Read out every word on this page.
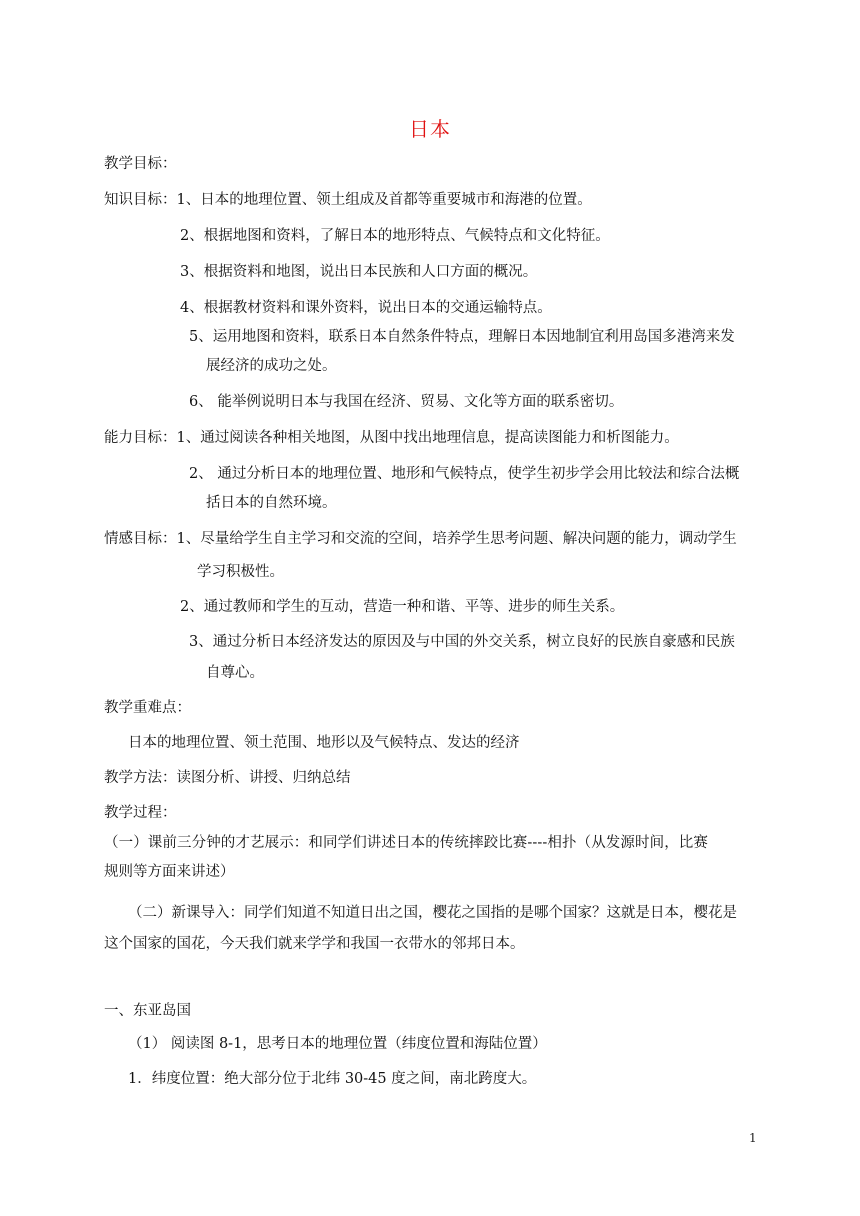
日本
教学目标：
知识目标：1、日本的地理位置、领土组成及首都等重要城市和海港的位置。
2、根据地图和资料，了解日本的地形特点、气候特点和文化特征。
3、根据资料和地图，说出日本民族和人口方面的概况。
4、根据教材资料和课外资料，说出日本的交通运输特点。
5、运用地图和资料，联系日本自然条件特点，理解日本因地制宜利用岛国多港湾来发
展经济的成功之处。
6、 能举例说明日本与我国在经济、贸易、文化等方面的联系密切。
能力目标：1、通过阅读各种相关地图，从图中找出地理信息，提高读图能力和析图能力。
2、 通过分析日本的地理位置、地形和气候特点，使学生初步学会用比较法和综合法概
括日本的自然环境。
情感目标：1、尽量给学生自主学习和交流的空间，培养学生思考问题、解决问题的能力，调动学生
学习积极性。
2、通过教师和学生的互动，营造一种和谐、平等、进步的师生关系。
3、通过分析日本经济发达的原因及与中国的外交关系，树立良好的民族自豪感和民族
自尊心。
教学重难点：
日本的地理位置、领土范围、地形以及气候特点、发达的经济
教学方法：读图分析、讲授、归纳总结
教学过程：
（一）课前三分钟的才艺展示：和同学们讲述日本的传统摔跤比赛----相扑（从发源时间，比赛
规则等方面来讲述）
（二）新课导入：同学们知道不知道日出之国，樱花之国指的是哪个国家？这就是日本，樱花是
这个国家的国花，今天我们就来学学和我国一衣带水的邻邦日本。
一、东亚岛国
（1） 阅读图 8-1，思考日本的地理位置（纬度位置和海陆位置）
1．纬度位置：绝大部分位于北纬 30-45 度之间，南北跨度大。
1
